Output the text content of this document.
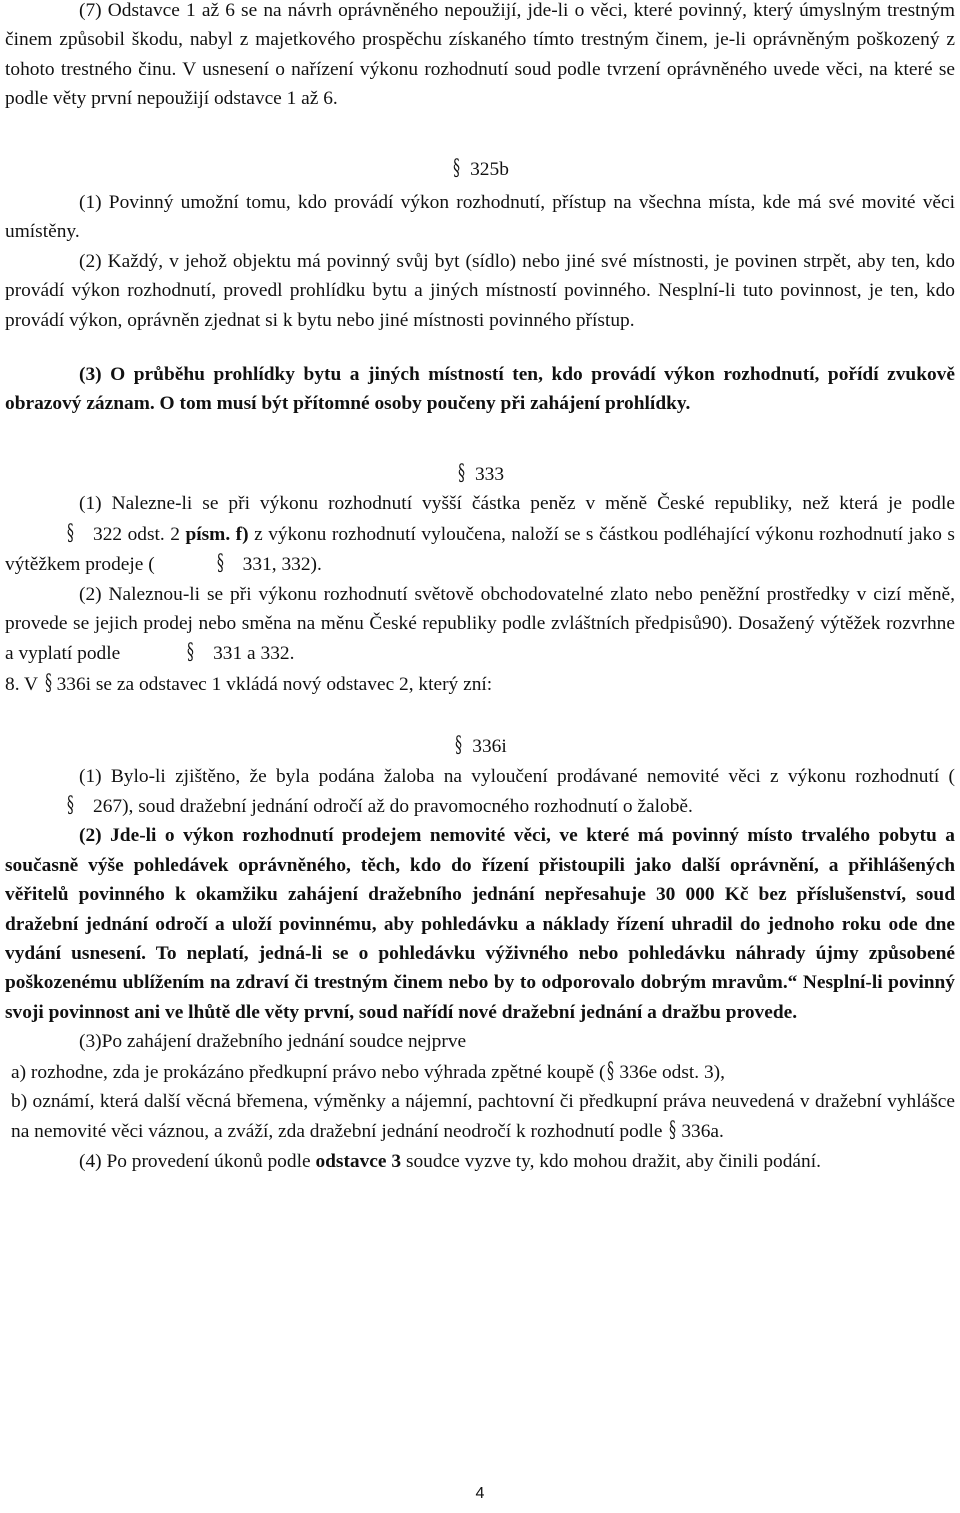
(7) Odstavce 1 až 6 se na návrh oprávněného nepoužijí, jde-li o věci, které povinný, který úmyslným trestným činem způsobil škodu, nabyl z majetkového prospěchu získaného tímto trestným činem, je-li oprávněným poškozený z tohoto trestného činu. V usnesení o nařízení výkonu rozhodnutí soud podle tvrzení oprávněného uvede věci, na které se podle věty první nepoužijí odstavce 1 až 6.

§ 325b

(1) Povinný umožní tomu, kdo provádí výkon rozhodnutí, přístup na všechna místa, kde má své movité věci umístěny.

(2) Každý, v jehož objektu má povinný svůj byt (sídlo) nebo jiné své místnosti, je povinen strpět, aby ten, kdo provádí výkon rozhodnutí, provedl prohlídku bytu a jiných místností povinného. Nesplní-li tuto povinnost, je ten, kdo provádí výkon, oprávněn zjednat si k bytu nebo jiné místnosti povinného přístup.

(3) O průběhu prohlídky bytu a jiných místností ten, kdo provádí výkon rozhodnutí, pořídí zvukově obrazový záznam. O tom musí být přítomné osoby poučeny při zahájení prohlídky.

§ 333

(1) Nalezne-li se při výkonu rozhodnutí vyšší částka peněz v měně České republiky, než která je podle § 322 odst. 2 písm. f) z výkonu rozhodnutí vyloučena, naloží se s částkou podléhající výkonu rozhodnutí jako s výtěžkem prodeje (	§ 331, 332).

(2) Naleznou-li se při výkonu rozhodnutí světově obchodovatelné zlato nebo peněžní prostředky v cizí měně, provede se jejich prodej nebo směna na měnu České republiky podle zvláštních předpisů90). Dosažený výtěžek rozvrhne a vyplatí podle	§ 331 a 332.

8. V § 336i se za odstavec 1 vkládá nový odstavec 2, který zní:

§ 336i

(1) Bylo-li zjištěno, že byla podána žaloba na vyloučení prodávané nemovité věci z výkonu rozhodnutí (§ 267), soud dražební jednání odročí až do pravomocného rozhodnutí o žalobě.

(2) Jde-li o výkon rozhodnutí prodejem nemovité věci, ve které má povinný místo trvalého pobytu a současně výše pohledávek oprávněného, těch, kdo do řízení přistoupili jako další oprávnění, a přihlášených věřitelů povinného k okamžiku zahájení dražebního jednání nepřesahuje 30 000 Kč bez příslušenství, soud dražební jednání odročí a uloží povinnému, aby pohledávku a náklady řízení uhradil do jednoho roku ode dne vydání usnesení. To neplatí, jedná-li se o pohledávku výživného nebo pohledávku náhrady újmy způsobené poškozenému ublížením na zdraví či trestným činem nebo by to odporovalo dobrým mravům.“ Nesplní-li povinný svoji povinnost ani ve lhůtě dle věty první, soud nařídí nové dražební jednání a dražbu provede.

(3)Po zahájení dražebního jednání soudce nejprve

a) rozhodne, zda je prokázáno předkupní právo nebo výhrada zpětné koupě (§ 336e odst. 3),

b) oznámí, která další věcná břemena, výměnky a nájemní, pachtovní či předkupní práva neuvedená v dražební vyhlášce na nemovité věci váznou, a zváží, zda dražební jednání neodročí k rozhodnutí podle § 336a.

(4) Po provedení úkonů podle odstavce 3 soudce vyzve ty, kdo mohou dražit, aby činili podání.

4
